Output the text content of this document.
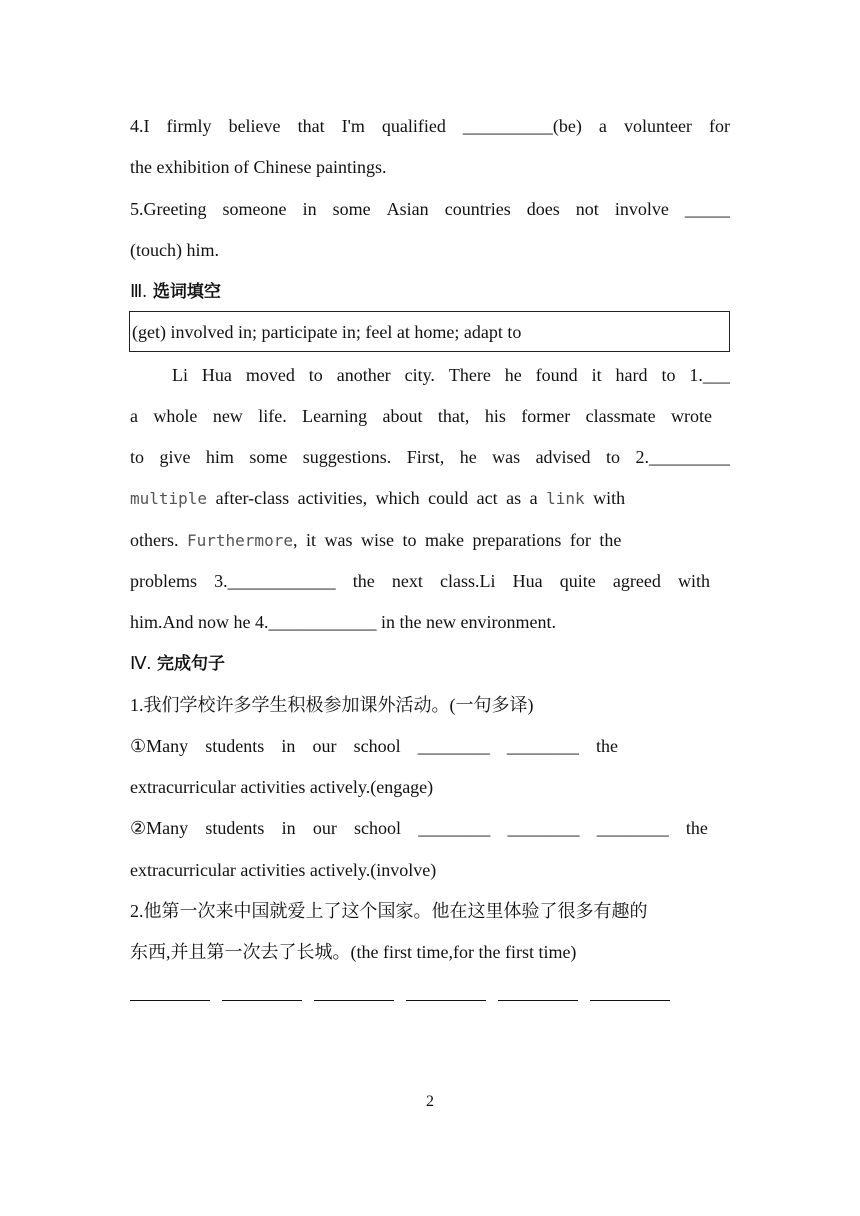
4.I firmly believe that I'm qualified __________(be) a volunteer for
the exhibition of Chinese paintings.
5.Greeting someone in some Asian countries does not involve _____
(touch) him.
Ⅲ. 选词填空
(get) involved in; participate in; feel at home; adapt to
Li Hua moved to another city. There he found it hard to 1.___
a whole new life. Learning about that, his former classmate wrote
to give him some suggestions. First, he was advised to 2._________
multiple after-class activities, which could act as a link with
others. Furthermore, it was wise to make preparations for the
problems 3.____________ the next class.Li Hua quite agreed with
him.And now he 4.____________ in the new environment.
Ⅳ. 完成句子
1.我们学校许多学生积极参加课外活动。(一句多译)
①Many students in our school ________ ________ the
extracurricular activities actively.(engage)
②Many students in our school ________ ________ ________ the
extracurricular activities actively.(involve)
2.他第一次来中国就爱上了这个国家。他在这里体验了很多有趣的
东西,并且第一次去了长城。(the first time,for the first time)
2
